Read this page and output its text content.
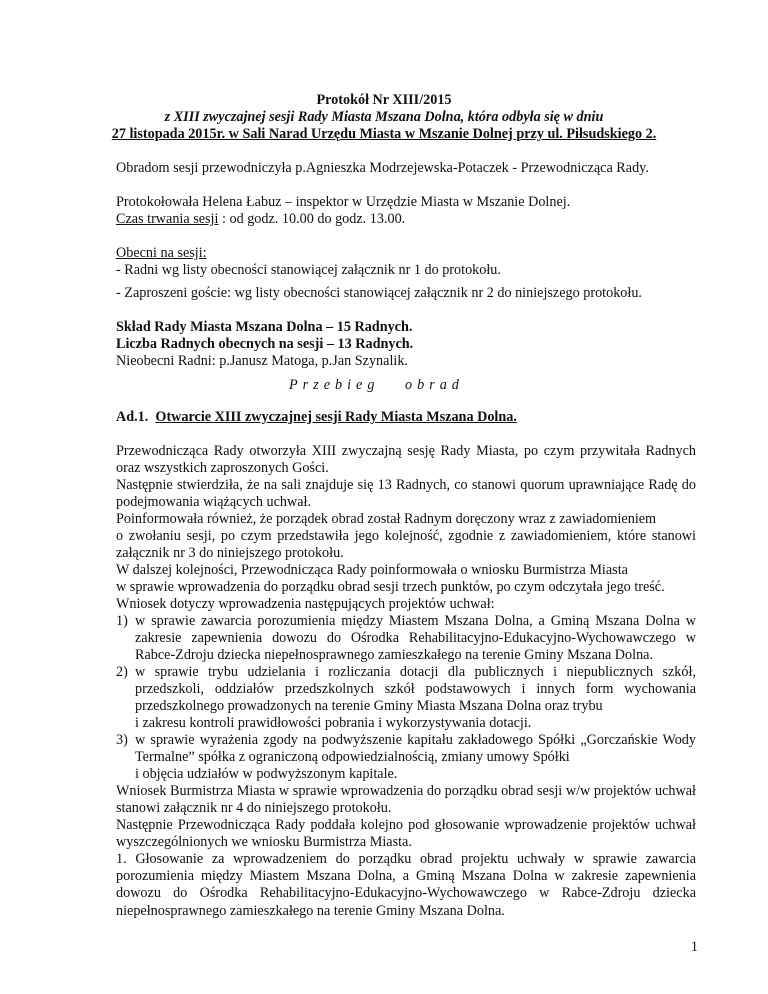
Protokół Nr XIII/2015
z XIII zwyczajnej sesji Rady Miasta Mszana Dolna, która odbyła się w dniu
27 listopada 2015r. w Sali Narad Urzędu Miasta w Mszanie Dolnej przy ul. Piłsudskiego 2.
Obradom sesji przewodniczyła p.Agnieszka Modrzejewska-Potaczek - Przewodnicząca Rady.
Protokołowała Helena Łabuz – inspektor w Urzędzie Miasta w Mszanie Dolnej.
Czas trwania sesji : od godz. 10.00 do godz. 13.00.
Obecni na sesji:
- Radni wg listy obecności stanowiącej załącznik nr 1 do protokołu.
- Zaproszeni goście: wg listy obecności stanowiącej załącznik nr 2 do niniejszego protokołu.
Skład Rady Miasta Mszana Dolna – 15 Radnych.
Liczba Radnych obecnych na sesji – 13 Radnych.
Nieobecni Radni: p.Janusz Matoga, p.Jan Szynalik.
Przebieg	obrad
Ad.1. Otwarcie XIII zwyczajnej sesji Rady Miasta Mszana Dolna.
Przewodnicząca Rady otworzyła XIII zwyczajną sesję Rady Miasta, po czym przywitała Radnych oraz wszystkich zaproszonych Gości.
Następnie stwierdziła, że na sali znajduje się 13 Radnych, co stanowi quorum uprawniające Radę do podejmowania wiążących uchwał.
Poinformowała również, że porządek obrad został Radnym doręczony wraz z zawiadomieniem
o zwołaniu sesji, po czym przedstawiła jego kolejność, zgodnie z zawiadomieniem, które stanowi załącznik nr 3 do niniejszego protokołu.
W dalszej kolejności, Przewodnicząca Rady poinformowała o wniosku Burmistrza Miasta
w sprawie wprowadzenia do porządku obrad sesji trzech punktów, po czym odczytała jego treść.
Wniosek dotyczy wprowadzenia następujących projektów uchwał:
1) w sprawie zawarcia porozumienia między Miastem Mszana Dolna, a Gminą Mszana Dolna w zakresie zapewnienia dowozu do Ośrodka Rehabilitacyjno-Edukacyjno-Wychowawczego w Rabce-Zdroju dziecka niepełnosprawnego zamieszkałego na terenie Gminy Mszana Dolna.
2) w sprawie trybu udzielania i rozliczania dotacji dla publicznych i niepublicznych szkół, przedszkoli, oddziałów przedszkolnych szkół podstawowych i innych form wychowania przedszkolnego prowadzonych na terenie Gminy Miasta Mszana Dolna oraz trybu
i zakresu kontroli prawidłowości pobrania i wykorzystywania dotacji.
3) w sprawie wyrażenia zgody na podwyższenie kapitału zakładowego Spółki „Gorczańskie Wody Termalne” spółka z ograniczoną odpowiedzialnością, zmiany umowy Spółki
i objęcia udziałów w podwyższonym kapitale.
Wniosek Burmistrza Miasta w sprawie wprowadzenia do porządku obrad sesji w/w projektów uchwał stanowi załącznik nr 4 do niniejszego protokołu.
Następnie Przewodnicząca Rady poddała kolejno pod głosowanie wprowadzenie projektów uchwał wyszczególnionych we wniosku Burmistrza Miasta.
1. Głosowanie za wprowadzeniem do porządku obrad projektu uchwały w sprawie zawarcia porozumienia między Miastem Mszana Dolna, a Gminą Mszana Dolna w zakresie zapewnienia dowozu do Ośrodka Rehabilitacyjno-Edukacyjno-Wychowawczego w Rabce-Zdroju dziecka niepełnosprawnego zamieszkałego na terenie Gminy Mszana Dolna.
1
